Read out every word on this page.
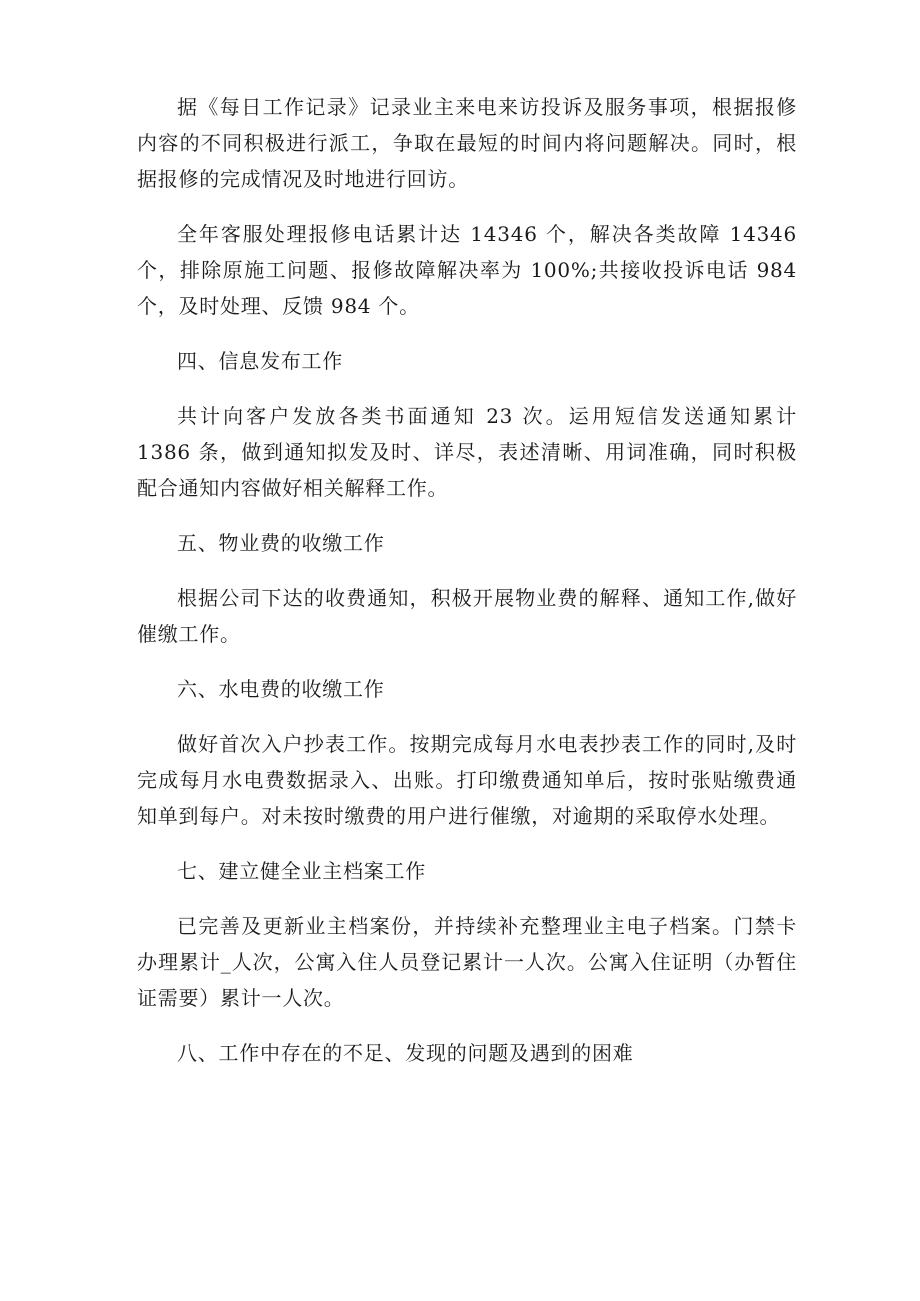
据《每日工作记录》记录业主来电来访投诉及服务事项，根据报修内容的不同积极进行派工，争取在最短的时间内将问题解决。同时，根据报修的完成情况及时地进行回访。

全年客服处理报修电话累计达 14346 个，解决各类故障 14346 个，排除原施工问题、报修故障解决率为 100%;共接收投诉电话 984 个，及时处理、反馈 984 个。

四、信息发布工作

共计向客户发放各类书面通知 23 次。运用短信发送通知累计 1386 条，做到通知拟发及时、详尽，表述清晰、用词准确，同时积极配合通知内容做好相关解释工作。

五、物业费的收缴工作

根据公司下达的收费通知，积极开展物业费的解释、通知工作,做好催缴工作。

六、水电费的收缴工作

做好首次入户抄表工作。按期完成每月水电表抄表工作的同时,及时完成每月水电费数据录入、出账。打印缴费通知单后，按时张贴缴费通知单到每户。对未按时缴费的用户进行催缴，对逾期的采取停水处理。

七、建立健全业主档案工作

已完善及更新业主档案份，并持续补充整理业主电子档案。门禁卡办理累计_人次，公寓入住人员登记累计一人次。公寓入住证明（办暂住证需要）累计一人次。

八、工作中存在的不足、发现的问题及遇到的困难
